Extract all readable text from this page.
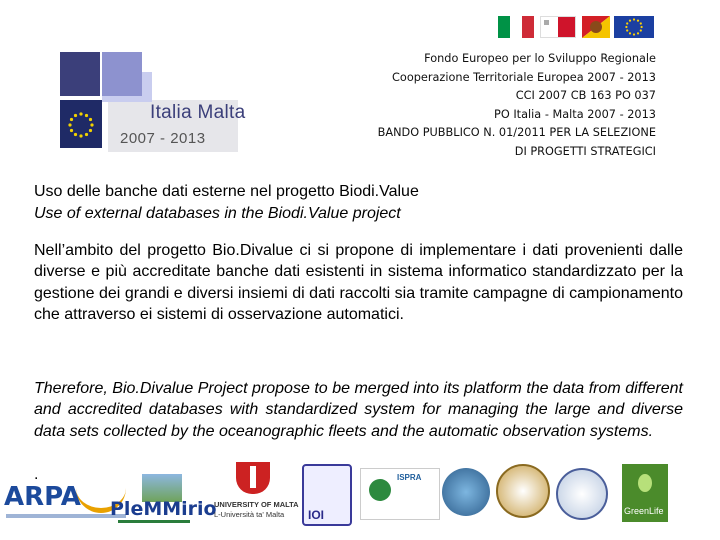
Italia Malta
2007 - 2013
Fondo Europeo per lo Sviluppo Regionale
Cooperazione Territoriale Europea 2007 - 2013
CCI 2007 CB 163 PO 037
PO Italia - Malta 2007 - 2013
BANDO PUBBLICO N. 01/2011 PER LA SELEZIONE
DI PROGETTI STRATEGICI
Uso delle banche dati esterne nel progetto Biodi.Value
Use of external databases in the Biodi.Value project
Nell’ambito del progetto Bio.Divalue ci si propone di implementare i dati provenienti dalle diverse e più accreditate banche dati esistenti in sistema informatico standardizzato per la gestione dei grandi e diversi insiemi di dati raccolti sia tramite campagne di campionamento che attraverso ei sistemi di osservazione automatici.
Therefore, Bio.Divalue Project propose to be merged into its platform the data from different and accredited databases with standardized system for managing the large and diverse data sets collected by the oceanographic fleets and the automatic observation systems.
.
ARPA PleMMirio
UNIVERSITY OF MALTA
L-Università ta' Malta IOI
ISPRA
GreenLife
